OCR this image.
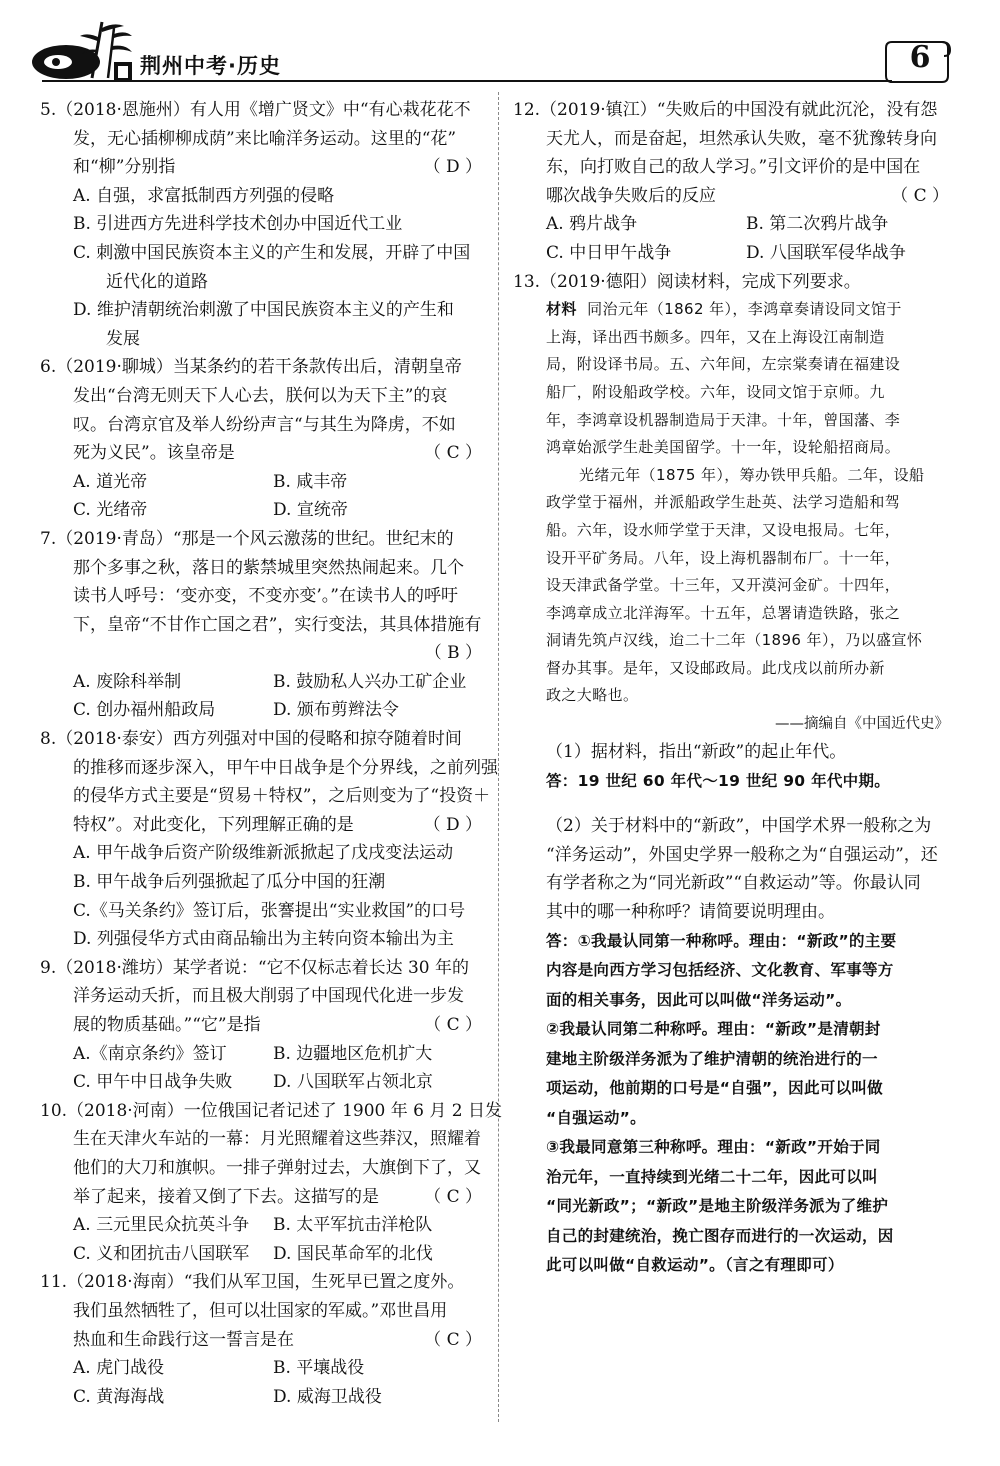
荆州中考·历史	6
5.（2018·恩施州）有人用《增广贤文》中“有心栽花花不
发，无心插柳柳成荫”来比喻洋务运动。这里的“花”
和“柳”分别指	（ D ）
A. 自强，求富抵制西方列强的侵略
B. 引进西方先进科学技术创办中国近代工业
C. 刺激中国民族资本主义的产生和发展，开辟了中国
近代化的道路
D. 维护清朝统治刺激了中国民族资本主义的产生和
发展
6.（2019·聊城）当某条约的若干条款传出后，清朝皇帝
发出“台湾无则天下人心去，朕何以为天下主”的哀
叹。台湾京官及举人纷纷声言“与其生为降虏，不如
死为义民”。该皇帝是	（ C ）
A. 道光帝	B. 咸丰帝
C. 光绪帝	D. 宣统帝
7.（2019·青岛）“那是一个风云激荡的世纪。世纪末的
那个多事之秋，落日的紫禁城里突然热闹起来。几个
读书人呼号：‘变亦变，不变亦变’。”在读书人的呼吁
下，皇帝“不甘作亡国之君”，实行变法，其具体措施有
（ B ）

A. 废除科举制	B. 鼓励私人兴办工矿企业
C. 创办福州船政局	D. 颁布剪辫法令
8.（2018·泰安）西方列强对中国的侵略和掠夺随着时间
的推移而逐步深入，甲午中日战争是个分界线，之前列强
的侵华方式主要是“贸易＋特权”，之后则变为了“投资＋
特权”。对此变化，下列理解正确的是	（ D ）
A. 甲午战争后资产阶级维新派掀起了戊戌变法运动
B. 甲午战争后列强掀起了瓜分中国的狂潮
C.《马关条约》签订后，张謇提出“实业救国”的口号
D. 列强侵华方式由商品输出为主转向资本输出为主
9.（2018·潍坊）某学者说：“它不仅标志着长达 30 年的
洋务运动夭折，而且极大削弱了中国现代化进一步发
展的物质基础。”“它”是指	（ C ）
A.《南京条约》签订	B. 边疆地区危机扩大
C. 甲午中日战争失败	D. 八国联军占领北京
10.（2018·河南）一位俄国记者记述了 1900 年 6 月 2 日发
生在天津火车站的一幕：月光照耀着这些莽汉，照耀着
他们的大刀和旗帜。一排子弹射过去，大旗倒下了，又
举了起来，接着又倒了下去。这描写的是	（ C ）
A. 三元里民众抗英斗争	B. 太平军抗击洋枪队
C. 义和团抗击八国联军	D. 国民革命军的北伐
11.（2018·海南）“我们从军卫国，生死早已置之度外。
我们虽然牺牲了，但可以壮国家的军威。”邓世昌用
热血和生命践行这一誓言是在	（ C ）
A. 虎门战役	B. 平壤战役
C. 黄海海战	D. 威海卫战役
12.（2019·镇江）“失败后的中国没有就此沉沦，没有怨
天尤人，而是奋起，坦然承认失败，毫不犹豫转身向
东，向打败自己的敌人学习。”引文评价的是中国在
哪次战争失败后的反应	（ C ）
A. 鸦片战争	B. 第二次鸦片战争
C. 中日甲午战争	D. 八国联军侵华战争
13.（2019·德阳）阅读材料，完成下列要求。
材料 同治元年（1862 年），李鸿章奏请设同文馆于
上海，译出西书颇多。四年，又在上海设江南制造
局，附设译书局。五、六年间，左宗棠奏请在福建设
船厂，附设船政学校。六年，设同文馆于京师。九
年，李鸿章设机器制造局于天津。十年，曾国藩、李
鸿章始派学生赴美国留学。十一年，设轮船招商局。
光绪元年（1875 年），筹办铁甲兵船。二年，设船
政学堂于福州，并派船政学生赴英、法学习造船和驾
船。六年，设水师学堂于天津，又设电报局。七年，
设开平矿务局。八年，设上海机器制布厂。十一年，
设天津武备学堂。十三年，又开漠河金矿。十四年，
李鸿章成立北洋海军。十五年，总署请造铁路，张之
洞请先筑卢汉线，迨二十二年（1896 年），乃以盛宣怀
督办其事。是年，又设邮政局。此戊戌以前所办新
政之大略也。
——摘编自《中国近代史》
（1）据材料，指出“新政”的起止年代。
答：19 世纪 60 年代～19 世纪 90 年代中期。
（2）关于材料中的“新政”，中国学术界一般称之为
“洋务运动”，外国史学界一般称之为“自强运动”，还
有学者称之为“同光新政”“自救运动”等。你最认同
其中的哪一种称呼？请简要说明理由。
答：①我最认同第一种称呼。理由：“新政”的主要
内容是向西方学习包括经济、文化教育、军事等方
面的相关事务，因此可以叫做“洋务运动”。
②我最认同第二种称呼。理由：“新政”是清朝封
建地主阶级洋务派为了维护清朝的统治进行的一
项运动，他前期的口号是“自强”，因此可以叫做
“自强运动”。
③我最同意第三种称呼。理由：“新政”开始于同
治元年，一直持续到光绪二十二年，因此可以叫
“同光新政”；“新政”是地主阶级洋务派为了维护
自己的封建统治，挽亡图存而进行的一次运动，因
此可以叫做“自救运动”。（言之有理即可）
